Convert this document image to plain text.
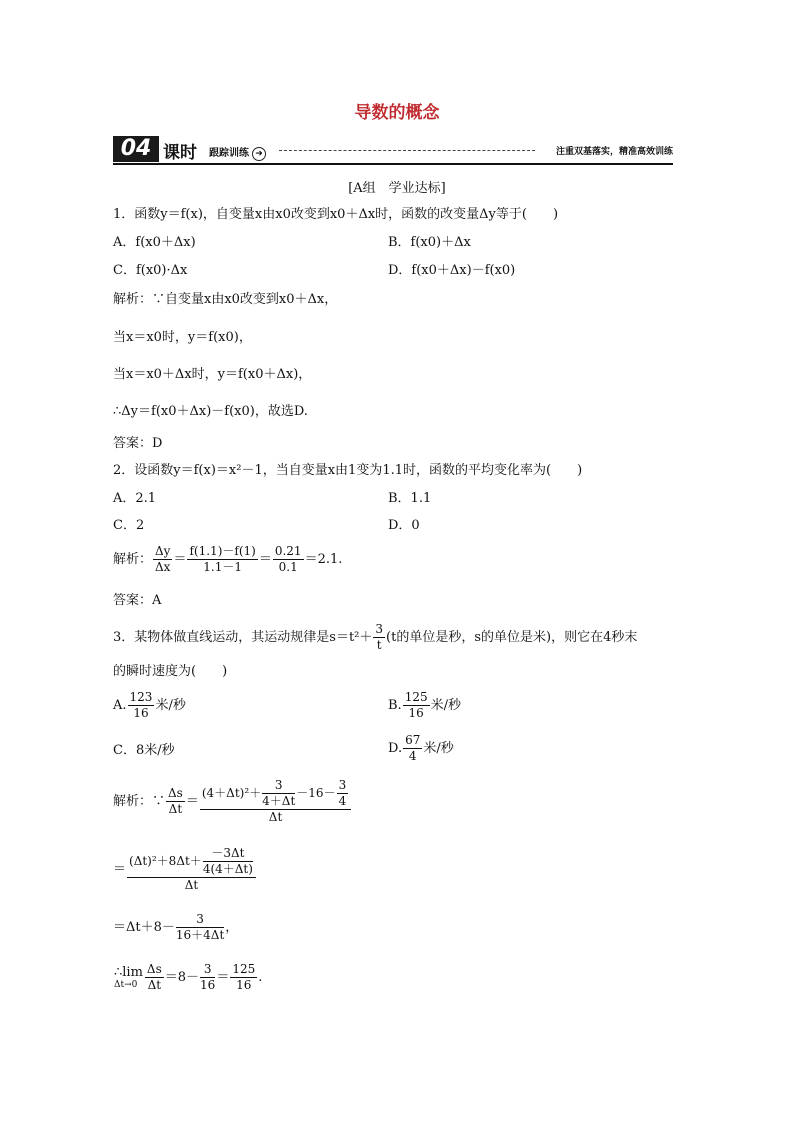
导数的概念
04 课时 跟踪训练 ➜	注重双基落实，精准高效训练
[A组　学业达标]
1．函数y＝f(x)，自变量x由x0改变到x0＋Δx时，函数的改变量Δy等于(　　)
A．f(x0＋Δx)	B．f(x0)＋Δx
C．f(x0)·Δx	D．f(x0＋Δx)－f(x0)
解析：∵自变量x由x0改变到x0＋Δx，
当x＝x0时，y＝f(x0)，
当x＝x0＋Δx时，y＝f(x0＋Δx)，
∴Δy＝f(x0＋Δx)－f(x0)，故选D.
答案：D
2．设函数y＝f(x)＝x²－1，当自变量x由1变为1.1时，函数的平均变化率为(　　)
A．2.1	B．1.1
C．2	D．0
解析： $\frac{\Delta y}{\Delta x} = \frac{f(1.1)-f(1)}{1.1-1} = \frac{0.21}{0.1} =2.1$.
答案：A
3．某物体做直线运动，其运动规律是$s=t^2+ \frac{3}{t} (t$的单位是秒，s的单位是米)，则它在4秒末
的瞬时速度为(　　)
A. $\frac{123}{16}$ 米/秒	B. $\frac{125}{16}$ 米/秒
C．8米/秒	D. $\frac{67}{4}$ 米/秒
解析：∵ $\frac{\Delta s}{\Delta t} = \frac{(4+\Delta t)^2+ \frac{3}{4+\Delta t} -16- \frac{3}{4}}{\Delta t}$
＝ $\frac{(\Delta t)^2+8\Delta t+ \frac{-3\Delta t}{4(4+\Delta t)}}{\Delta t}$
$=\Delta t+8- \frac{3}{16+4\Delta t}$ ，
∴lim
$\Delta t\to 0 \frac{\Delta s}{\Delta t} =8- \frac{3}{16} = \frac{125}{16}$ .
